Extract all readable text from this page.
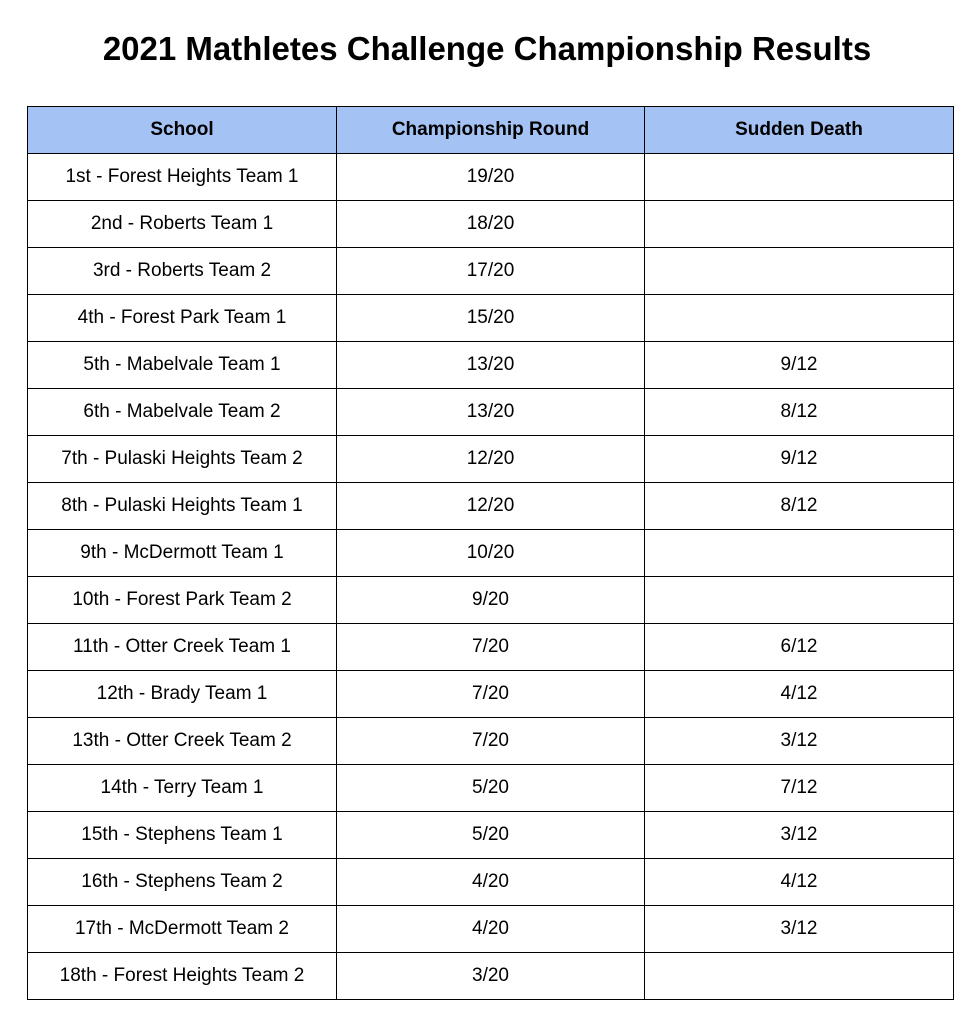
2021 Mathletes Challenge Championship Results
School	Championship Round	Sudden Death
1st - Forest Heights Team 1	19/20	
2nd - Roberts Team 1	18/20	
3rd - Roberts Team 2	17/20	
4th - Forest Park Team 1	15/20	
5th - Mabelvale Team 1	13/20	9/12
6th - Mabelvale Team 2	13/20	8/12
7th - Pulaski Heights Team 2	12/20	9/12
8th - Pulaski Heights Team 1	12/20	8/12
9th - McDermott Team 1	10/20	
10th - Forest Park Team 2	9/20	
11th - Otter Creek Team 1	7/20	6/12
12th - Brady Team 1	7/20	4/12
13th - Otter Creek Team 2	7/20	3/12
14th - Terry Team 1	5/20	7/12
15th - Stephens Team 1	5/20	3/12
16th - Stephens Team 2	4/20	4/12
17th - McDermott Team 2	4/20	3/12
18th - Forest Heights Team 2	3/20	
